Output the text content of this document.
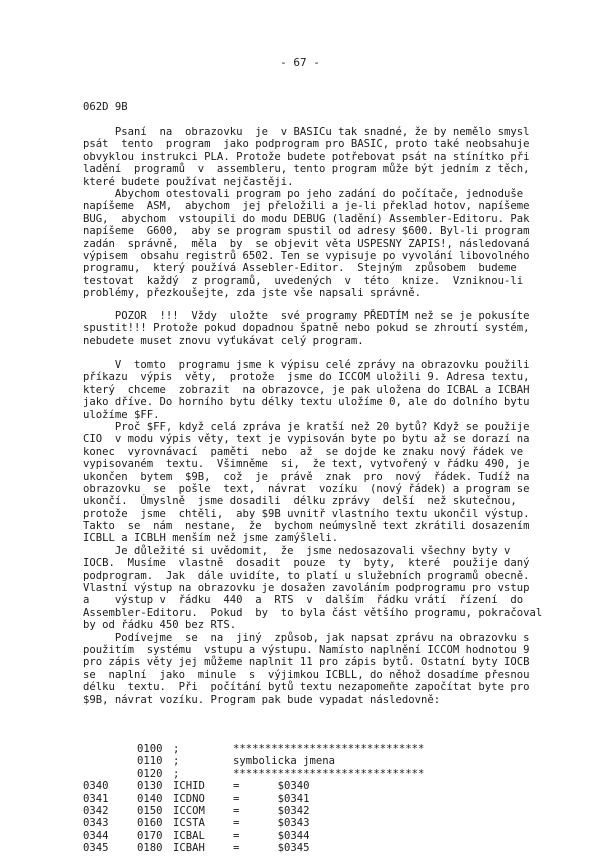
- 67 -
062D 9B
Psaní  na  obrazovku  je  v BASICu tak snadné, že by nemělo smysl
psát  tento  program  jako podprogram pro BASIC, proto také neobsahuje
obvyklou instrukci PLA. Protože budete potřebovat psát na stínítko při
ladění  programů  v  assembleru, tento program může být jedním z těch,
které budete používat nejčastěji.
Abychom otestovali program po jeho zadání do počítače, jednoduše
napíšeme  ASM,  abychom  jej přeložili a je-li překlad hotov, napíšeme
BUG,  abychom  vstoupili do modu DEBUG (ladění) Assembler-Editoru. Pak
napíšeme  G600,  aby se program spustil od adresy $600. Byl-li program
zadán  správně,  měla  by  se objevit věta USPESNY ZAPIS!, následovaná
výpisem  obsahu registrů 6502. Ten se vypisuje po vyvolání libovolného
programu,  který používá Assebler-Editor.  Stejným  způsobem  budeme
testovat  každý  z programů,  uvedených  v  této  knize.  Vzniknou-li
problémy, přezkoušejte, zda jste vše napsali správně.
POZOR  !!!  Vždy  uložte  své programy PŘEDTÍM než se je pokusíte
spustit!!! Protože pokud dopadnou špatně nebo pokud se zhroutí systém,
nebudete muset znovu vyťukávat celý program.
V  tomto  programu jsme k výpisu celé zprávy na obrazovku použili
příkazu  výpis  věty,  protože  jsme do ICCOM uložili 9. Adresa textu,
který  chceme  zobrazit  na obrazovce, je pak uložena do ICBAL a ICBAH
jako dříve. Do horního bytu délky textu uložíme 0, ale do dolního bytu
uložíme $FF.
Proč $FF, když celá zpráva je kratší než 20 bytů? Když se použije
CIO  v modu výpis věty, text je vypisován byte po bytu až se dorazí na
konec  vyrovnávací  paměti  nebo  až  se dojde ke znaku nový řádek ve
vypisovaném  textu.  Všimněme  si,  že text, vytvořený v řádku 490, je
ukončen  bytem  $9B,  což  je  právě  znak  pro  nový  řádek. Tudíž na
obrazovku  se  pošle  text,  návrat  vozíku  (nový řádek) a program se
ukončí.  Úmyslně  jsme dosadili  délku zprávy  delší  než skutečnou,
protože  jsme  chtěli,  aby $9B uvnitř vlastního textu ukončil výstup.
Takto  se  nám  nestane,  že  bychom neúmyslně text zkrátili dosazením
ICBLL a ICBLH menším než jsme zamýšleli.
Je důležité si uvědomit,  že  jsme nedosazovali všechny byty v
IOCB.  Musíme  vlastně  dosadit  pouze  ty  byty,  které  použije daný
podprogram.  Jak  dále uvidíte, to platí u služebních programů obecně.
Vlastní výstup na obrazovku je dosažen zavoláním podprogramu pro vstup
a    výstup v  řádku  440  a  RTS  v  dalším  řádku vrátí  řízení  do
Assembler-Editoru.  Pokud  by  to byla část většího programu, pokračoval
by od řádku 450 bez RTS.
Podívejme  se  na  jiný  způsob, jak napsat zprávu na obrazovku s
použitím  systému  vstupu a výstupu. Namísto naplnění ICCOM hodnotou 9
pro zápis věty jej můžeme naplnit 11 pro zápis bytů. Ostatní byty IOCB
se  naplní  jako  minule  s  výjimkou ICBLL, do něhož dosadíme přesnou
délku  textu.  Při  počítání bytů textu nezapomeňte započítat byte pro
$9B, návrat vozíku. Program pak bude vypadat následovně:
0100 ;	******************************
0110 ;	symbolicka jmena
0120 ;	******************************
0340	0130 ICHID	=      $0340
0341	0140 ICDNO	=      $0341
0342	0150 ICCOM	=      $0342
0343	0160 ICSTA	=      $0343
0344	0170 ICBAL	=      $0344
0345	0180 ICBAH	=      $0345
